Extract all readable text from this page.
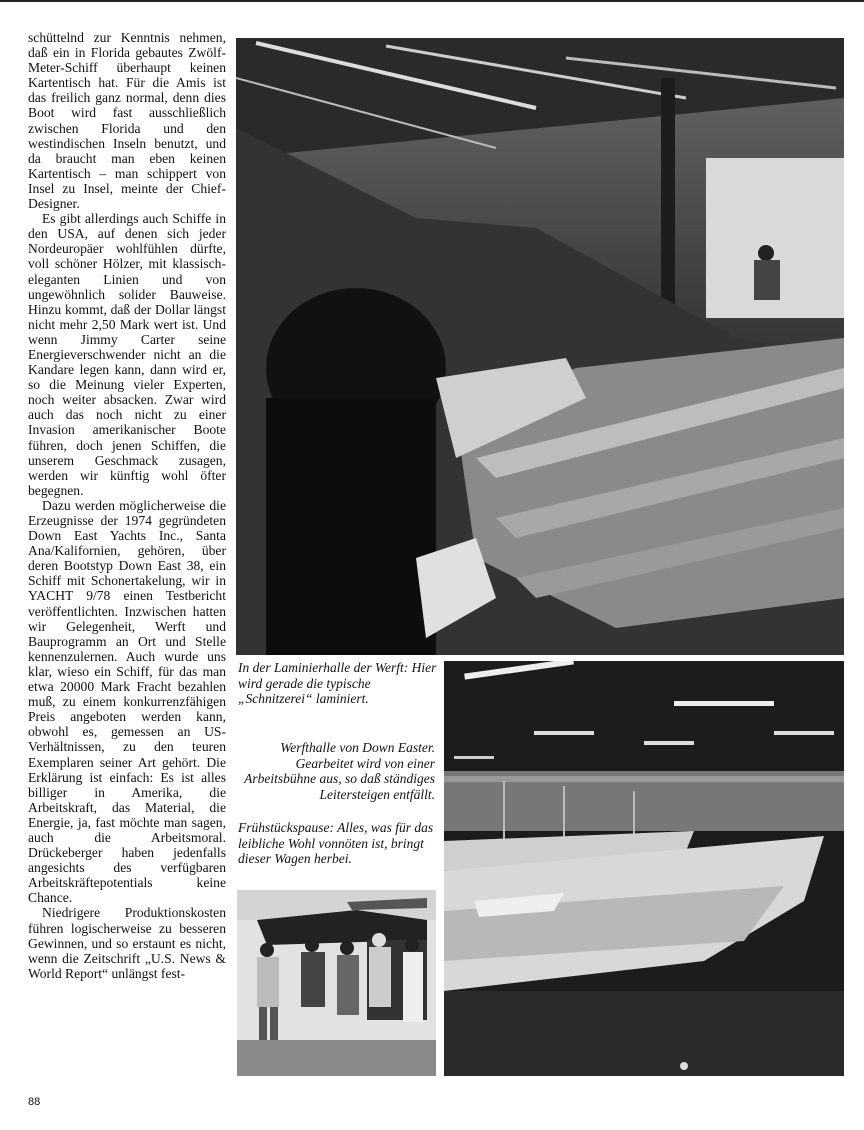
schüttelnd zur Kenntnis nehmen, daß ein in Florida gebautes Zwölf-Meter-Schiff überhaupt keinen Kartentisch hat. Für die Amis ist das freilich ganz normal, denn dies Boot wird fast ausschließlich zwischen Florida und den westindischen Inseln benutzt, und da braucht man eben keinen Kartentisch – man schippert von Insel zu Insel, meinte der Chief-Designer.

Es gibt allerdings auch Schiffe in den USA, auf denen sich jeder Nordeuropäer wohlfühlen dürfte, voll schöner Hölzer, mit klassisch-eleganten Linien und von ungewöhnlich solider Bauweise. Hinzu kommt, daß der Dollar längst nicht mehr 2,50 Mark wert ist. Und wenn Jimmy Carter seine Energieverschwender nicht an die Kandare legen kann, dann wird er, so die Meinung vieler Experten, noch weiter absacken. Zwar wird auch das noch nicht zu einer Invasion amerikanischer Boote führen, doch jenen Schiffen, die unserem Geschmack zusagen, werden wir künftig wohl öfter begegnen.

Dazu werden möglicherweise die Erzeugnisse der 1974 gegründeten Down East Yachts Inc., Santa Ana/Kalifornien, gehören, über deren Bootstyp Down East 38, ein Schiff mit Schonertakelung, wir in YACHT 9/78 einen Testbericht veröffentlichten. Inzwischen hatten wir Gelegenheit, Werft und Bauprogramm an Ort und Stelle kennenzulernen. Auch wurde uns klar, wieso ein Schiff, für das man etwa 20000 Mark Fracht bezahlen muß, zu einem konkurrenzfähigen Preis angeboten werden kann, obwohl es, gemessen an US-Verhältnissen, zu den teuren Exemplaren seiner Art gehört. Die Erklärung ist einfach: Es ist alles billiger in Amerika, die Arbeitskraft, das Material, die Energie, ja, fast möchte man sagen, auch die Arbeitsmoral. Drückeberger haben jedenfalls angesichts des verfügbaren Arbeitskräftepotentials keine Chance.

Niedrigere Produktionskosten führen logischerweise zu besseren Gewinnen, und so erstaunt es nicht, wenn die Zeitschrift „U.S. News & World Report“ unlängst fest-

In der Laminierhalle der Werft: Hier wird gerade die typische „Schnitzerei“ laminiert.
Werfthalle von Down Easter. Gearbeitet wird von einer Arbeitsbühne aus, so daß ständiges Leitersteigen entfällt.
Frühstückspause: Alles, was für das leibliche Wohl vonnöten ist, bringt dieser Wagen herbei.
88
